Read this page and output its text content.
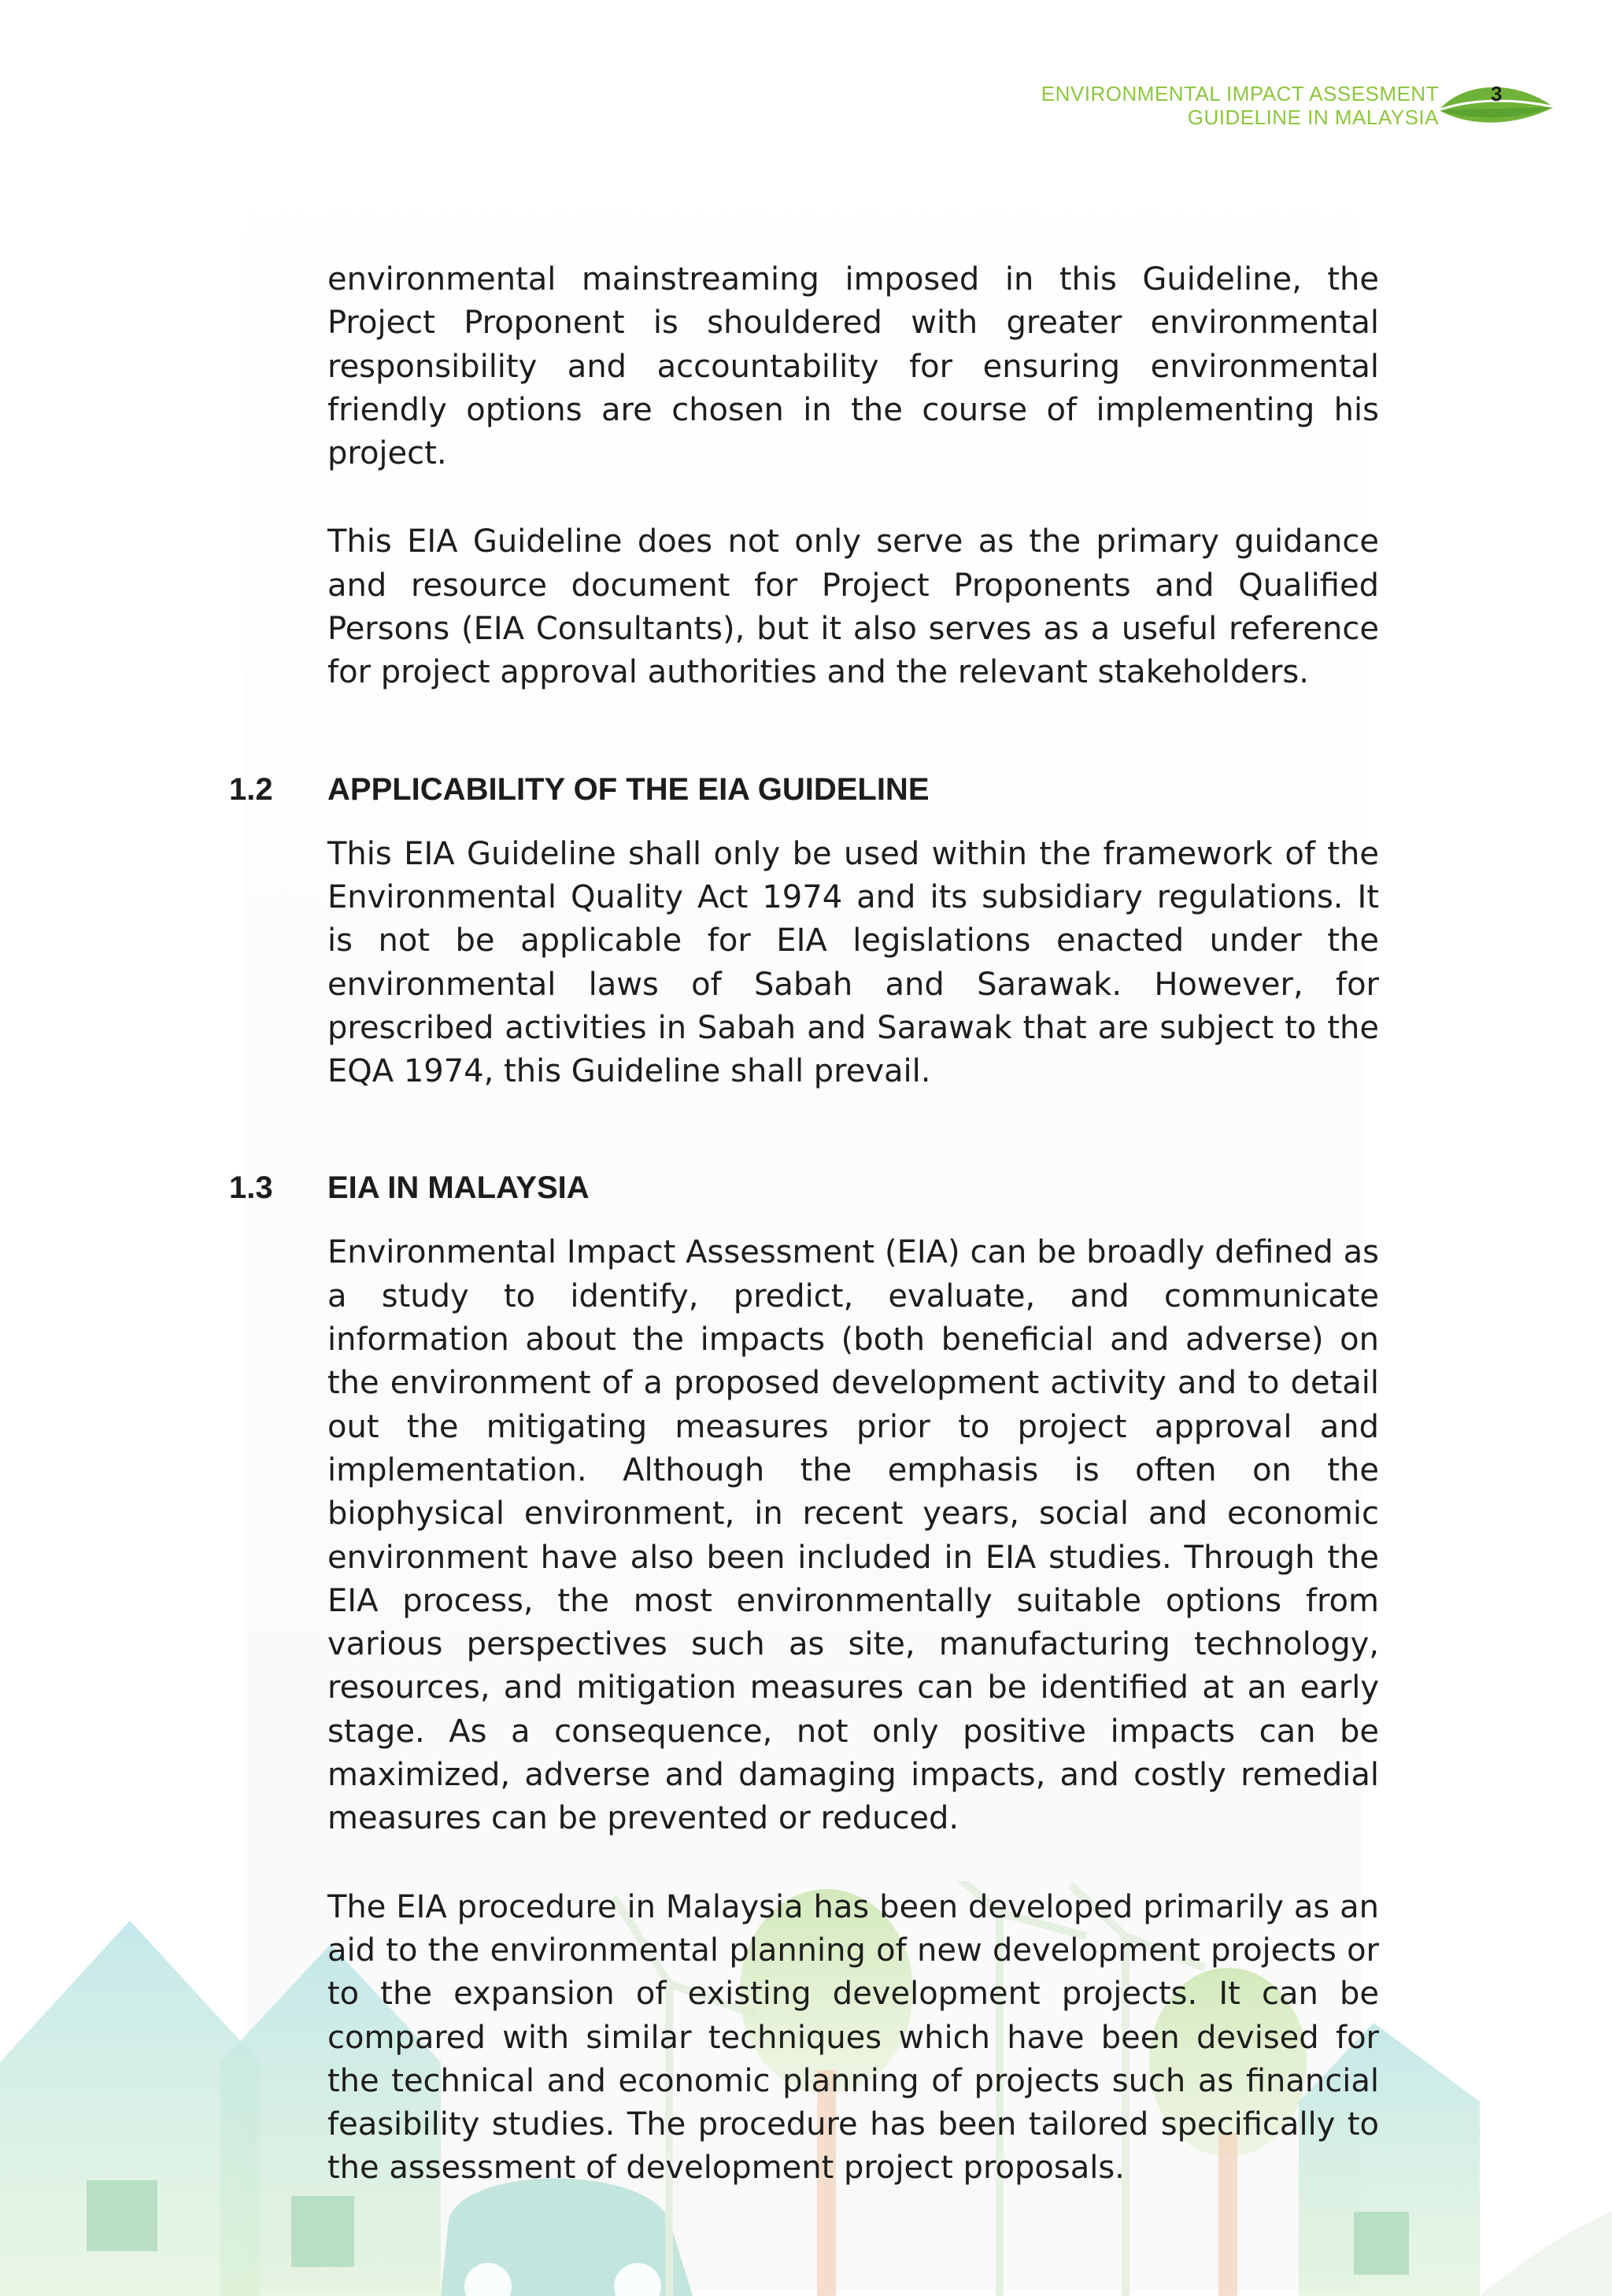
ENVIRONMENTAL IMPACT ASSESMENT
GUIDELINE IN MALAYSIA
3

environmental mainstreaming imposed in this Guideline, the Project Proponent is shouldered with greater environmental responsibility and accountability for ensuring environmental friendly options are chosen in the course of implementing his project.

This EIA Guideline does not only serve as the primary guidance and resource document for Project Proponents and Qualified Persons (EIA Consultants), but it also serves as a useful reference for project approval authorities and the relevant stakeholders.

1.2 APPLICABILITY OF THE EIA GUIDELINE

This EIA Guideline shall only be used within the framework of the Environmental Quality Act 1974 and its subsidiary regulations. It is not be applicable for EIA legislations enacted under the environmental laws of Sabah and Sarawak. However, for prescribed activities in Sabah and Sarawak that are subject to the EQA 1974, this Guideline shall prevail.

1.3 EIA IN MALAYSIA

Environmental Impact Assessment (EIA) can be broadly defined as a study to identify, predict, evaluate, and communicate information about the impacts (both beneficial and adverse) on the environment of a proposed development activity and to detail out the mitigating measures prior to project approval and implementation. Although the emphasis is often on the biophysical environment, in recent years, social and economic environment have also been included in EIA studies. Through the EIA process, the most environmentally suitable options from various perspectives such as site, manufacturing technology, resources, and mitigation measures can be identified at an early stage. As a consequence, not only positive impacts can be maximized, adverse and damaging impacts, and costly remedial measures can be prevented or reduced.

The EIA procedure in Malaysia has been developed primarily as an aid to the environmental planning of new development projects or to the expansion of existing development projects. It can be compared with similar techniques which have been devised for the technical and economic planning of projects such as financial feasibility studies. The procedure has been tailored specifically to the assessment of development project proposals.
